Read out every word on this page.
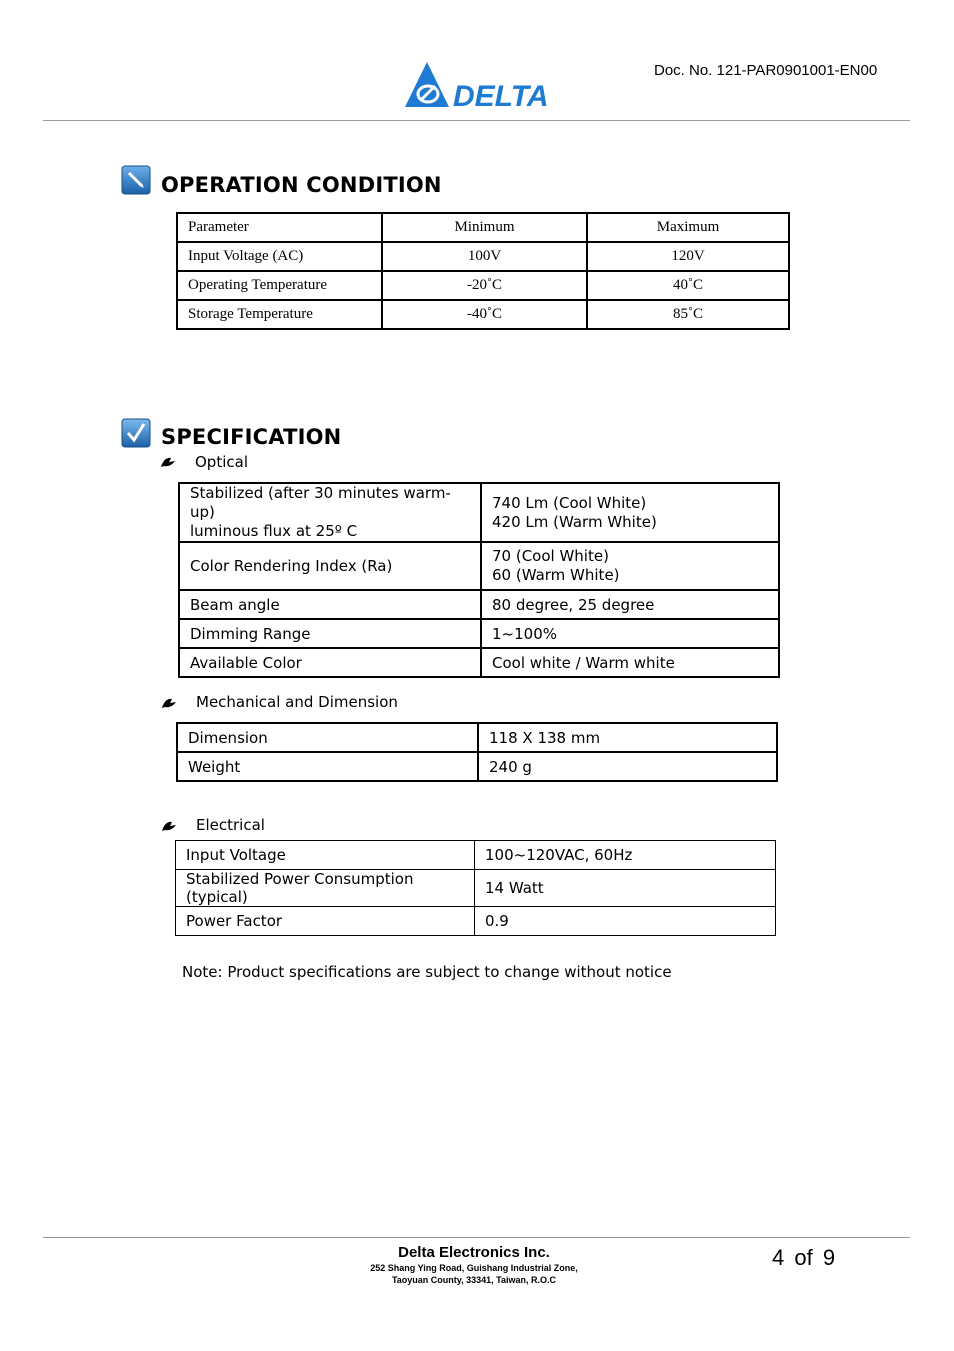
DELTA
Doc. No. 121-PAR0901001-EN00
OPERATION CONDITION
Parameter	Minimum	Maximum
Input Voltage (AC)	100V	120V
Operating Temperature	-20˚C	40˚C
Storage Temperature	-40˚C	85˚C
SPECIFICATION
Optical
Stabilized (after 30 minutes warm-up)
luminous flux at 25º C	740 Lm (Cool White)
420 Lm (Warm White)

Color Rendering Index (Ra)	70 (Cool White)
60 (Warm White)

Beam angle	80 degree, 25 degree
Dimming Range	1~100%
Available Color	Cool white / Warm white
Mechanical and Dimension
Dimension	118 X 138 mm
Weight	240 g
Electrical
Input Voltage	100~120VAC, 60Hz
Stabilized Power Consumption (typical)	14 Watt
Power Factor	0.9
Note: Product specifications are subject to change without notice
Delta Electronics Inc.
252 Shang Ying Road, Guishang Industrial Zone,
Taoyuan County, 33341, Taiwan, R.O.C
4 of 9
